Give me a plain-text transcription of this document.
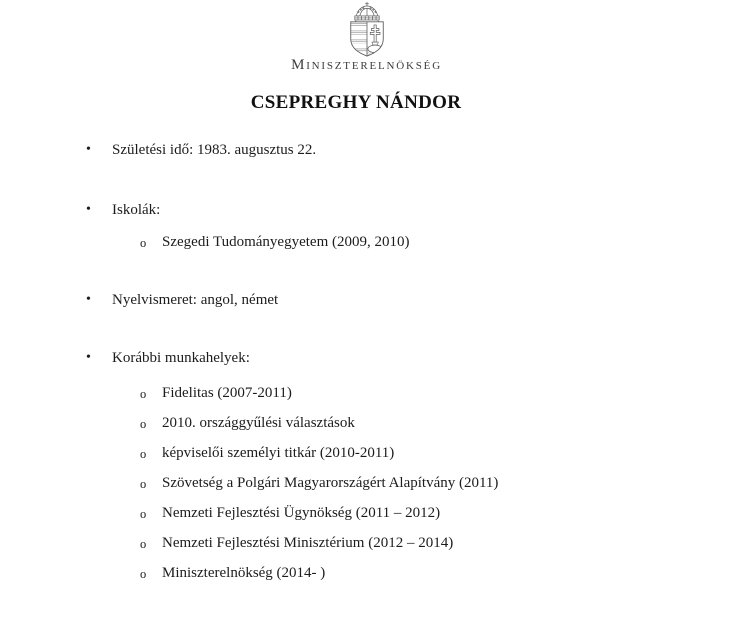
Miniszterelnökség
CSEPREGHY NÁNDOR
•	Születési idő: 1983. augusztus 22.
•	Iskolák:
o	Szegedi Tudományegyetem (2009, 2010)
•	Nyelvismeret: angol, német
•	Korábbi munkahelyek:
o	Fidelitas (2007-2011)
o	2010. országgyűlési választások
o	képviselői személyi titkár (2010-2011)
o	Szövetség a Polgári Magyarországért Alapítvány (2011)
o	Nemzeti Fejlesztési Ügynökség (2011 – 2012)
o	Nemzeti Fejlesztési Minisztérium (2012 – 2014)
o	Miniszterelnökség (2014- )
